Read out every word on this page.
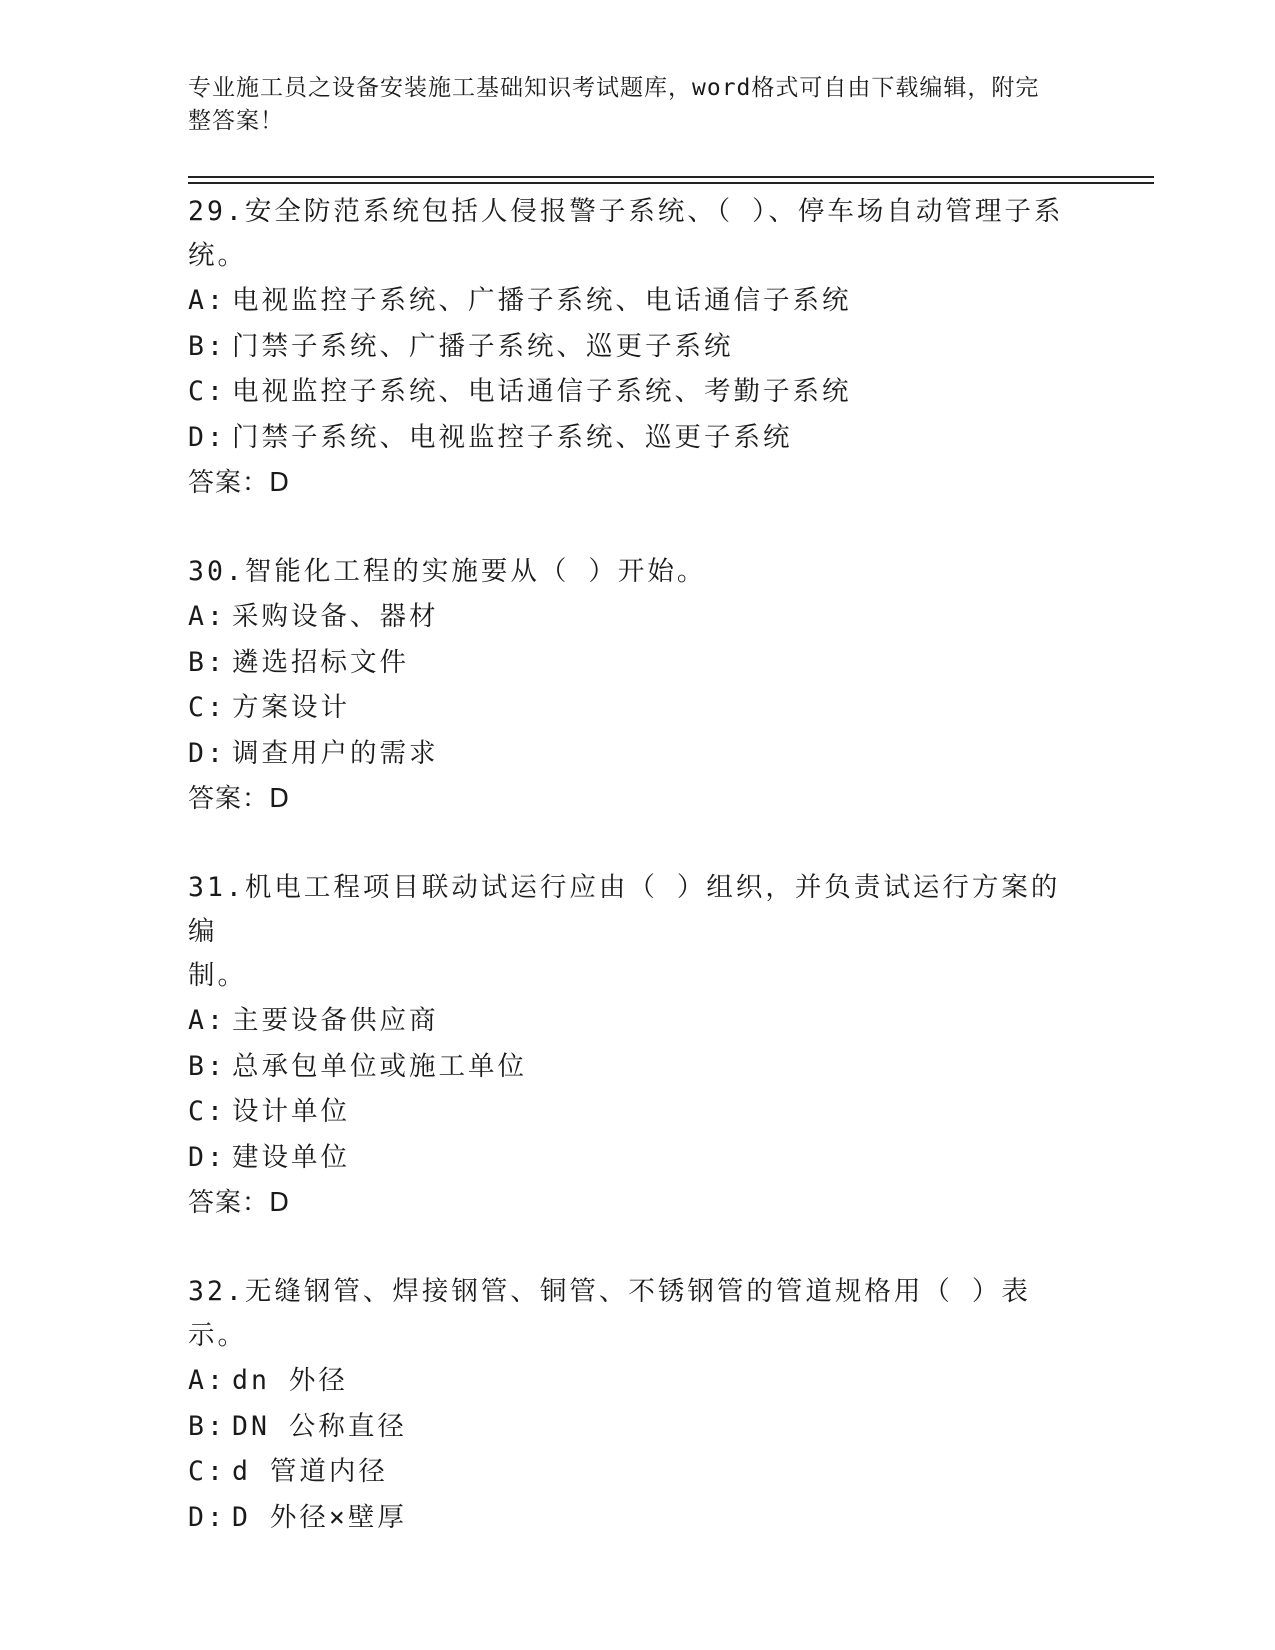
专业施工员之设备安装施工基础知识考试题库，word格式可自由下载编辑，附完
整答案！

29.安全防范系统包括人侵报警子系统、（ ）、停车场自动管理子系

统。

A: 电视监控子系统、广播子系统、电话通信子系统

B: 门禁子系统、广播子系统、巡更子系统

C: 电视监控子系统、电话通信子系统、考勤子系统

D: 门禁子系统、电视监控子系统、巡更子系统

答案：D

30.智能化工程的实施要从（ ）开始。

A: 采购设备、器材

B: 遴选招标文件

C: 方案设计

D: 调查用户的需求

答案：D

31.机电工程项目联动试运行应由（ ）组织，并负责试运行方案的编

制。

A: 主要设备供应商

B: 总承包单位或施工单位

C: 设计单位

D: 建设单位

答案：D

32.无缝钢管、焊接钢管、铜管、不锈钢管的管道规格用（ ）表示。

A: dn 外径

B: DN 公称直径

C: d 管道内径

D: D 外径×壁厚
